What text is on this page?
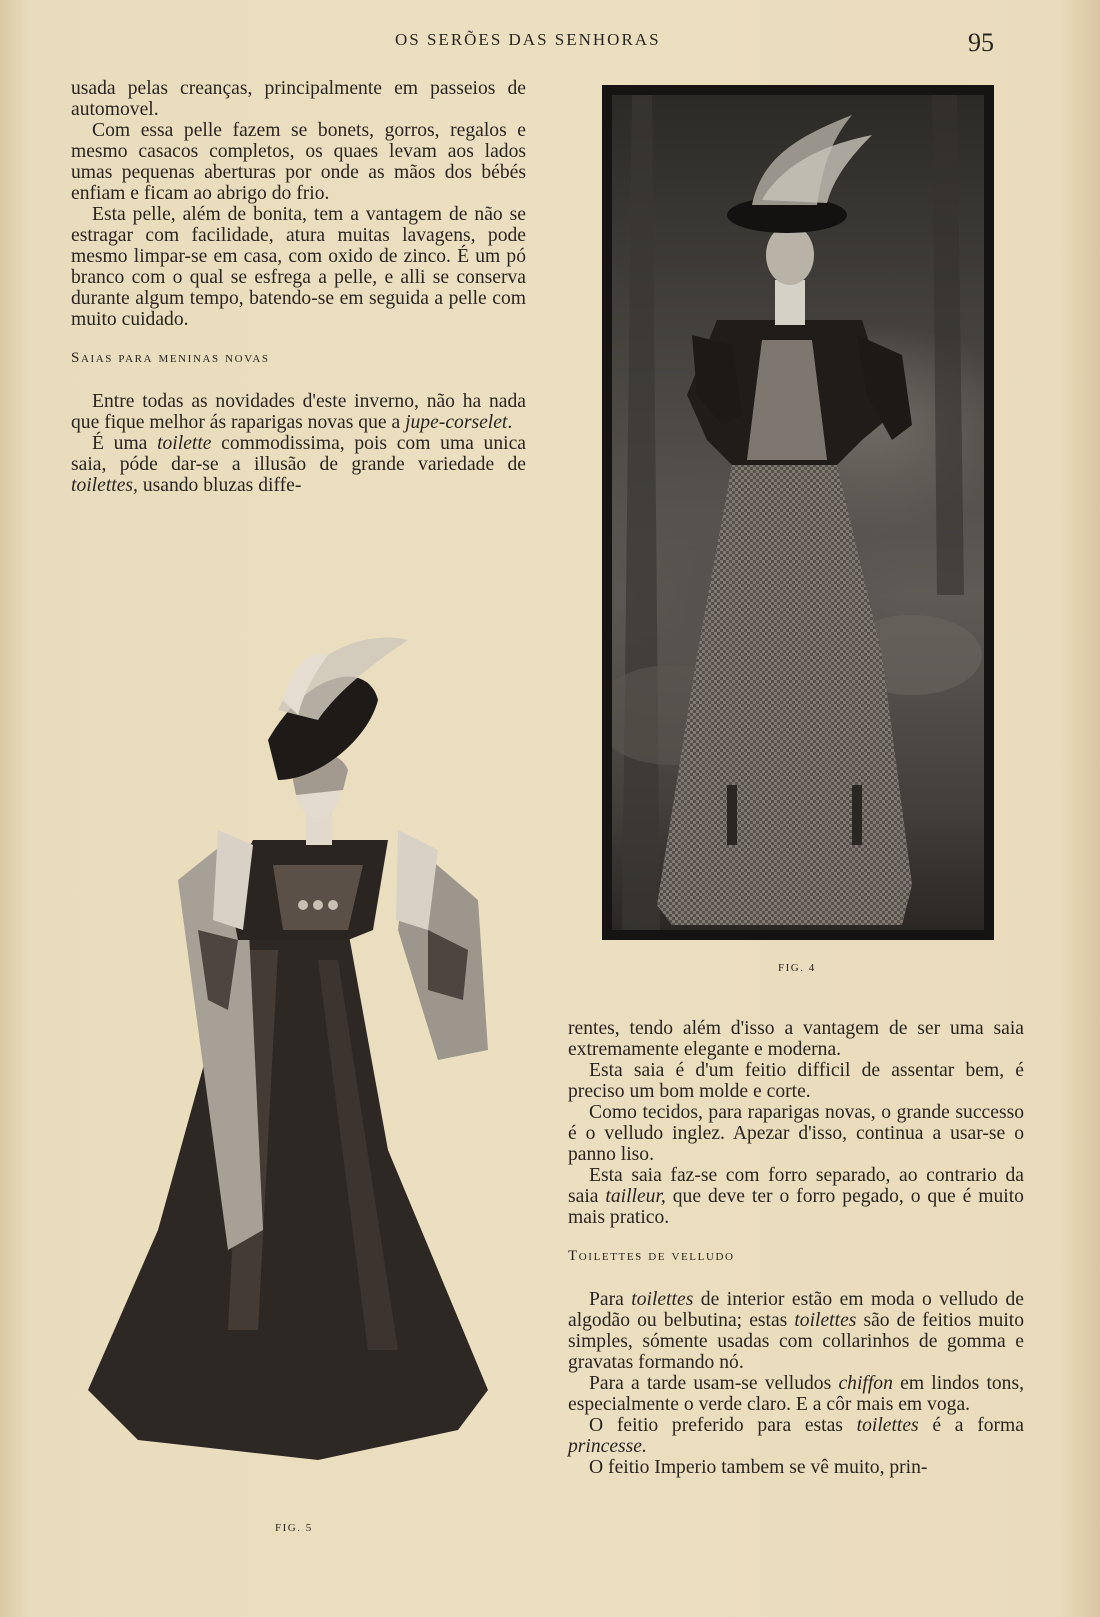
OS SERÕES DAS SENHORAS	95

usada pelas creanças, principalmente em passeios de automovel.

Com essa pelle fazem se bonets, gorros, regalos e mesmo casacos completos, os quaes levam aos lados umas pequenas aberturas por onde as mãos dos bébés enfiam e ficam ao abrigo do frio.

Esta pelle, além de bonita, tem a vantagem de não se estragar com facilidade, atura muitas lavagens, pode mesmo limpar-se em casa, com oxido de zinco. É um pó branco com o qual se esfrega a pelle, e alli se conserva durante algum tempo, batendo-se em seguida a pelle com muito cuidado.

Saias para meninas novas

Entre todas as novidades d'este inverno, não ha nada que fique melhor ás raparigas novas que a jupe-corselet.

É uma toilette commodissima, pois com uma unica saia, póde dar-se a illusão de grande variedade de toilettes, usando bluzas diffe-

FIG. 4
FIG. 5

rentes, tendo além d'isso a vantagem de ser uma saia extremamente elegante e moderna.

Esta saia é d'um feitio difficil de assentar bem, é preciso um bom molde e corte.

Como tecidos, para raparigas novas, o grande successo é o velludo inglez. Apezar d'isso, continua a usar-se o panno liso.

Esta saia faz-se com forro separado, ao contrario da saia tailleur, que deve ter o forro pegado, o que é muito mais pratico.

Toilettes de velludo

Para toilettes de interior estão em moda o velludo de algodão ou belbutina; estas toilettes são de feitios muito simples, sómente usadas com collarinhos de gomma e gravatas formando nó.

Para a tarde usam-se velludos chiffon em lindos tons, especialmente o verde claro. E a côr mais em voga.

O feitio preferido para estas toilettes é a forma princesse.

O feitio Imperio tambem se vê muito, prin-
